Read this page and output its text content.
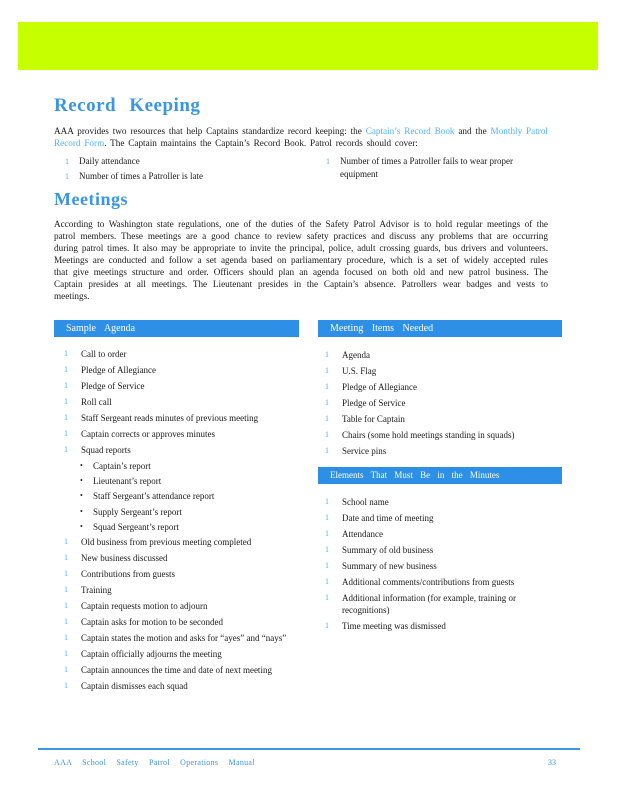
Record Keeping

AAA provides two resources that help Captains standardize record keeping: the Captain’s Record Book and the Monthly Patrol Record Form. The Captain maintains the Captain’s Record Book. Patrol records should cover:

1 Daily attendance
1 Number of times a Patroller is late
1 Number of times a Patroller fails to wear proper equipment
Meetings

According to Washington state regulations, one of the duties of the Safety Patrol Advisor is to hold regular meetings of the patrol members. These meetings are a good chance to review safety practices and discuss any problems that are occurring during patrol times. It also may be appropriate to invite the principal, police, adult crossing guards, bus drivers and volunteers. Meetings are conducted and follow a set agenda based on parliamentary procedure, which is a set of widely accepted rules that give meetings structure and order. Officers should plan an agenda focused on both old and new patrol business. The Captain presides at all meetings. The Lieutenant presides in the Captain’s absence. Patrollers wear badges and vests to meetings.

Sample Agenda	Meeting Items Needed
Elements That Must Be in the Minutes
1 Call to order
1 Pledge of Allegiance
1 Pledge of Service
1 Roll call
1 Staff Sergeant reads minutes of previous meeting
1 Captain corrects or approves minutes
1 Squad reports
• Captain’s report
• Lieutenant’s report
• Staff Sergeant’s attendance report
• Supply Sergeant’s report
• Squad Sergeant’s report
1 Old business from previous meeting completed
1 New business discussed
1 Contributions from guests
1 Training
1 Captain requests motion to adjourn
1 Captain asks for motion to be seconded
1 Captain states the motion and asks for “ayes” and “nays”
1 Captain officially adjourns the meeting
1 Captain announces the time and date of next meeting
1 Captain dismisses each squad
1 Agenda
1 U.S. Flag
1 Pledge of Allegiance
1 Pledge of Service
1 Table for Captain
1 Chairs (some hold meetings standing in squads)
1 Service pins
1 School name
1 Date and time of meeting
1 Attendance
1 Summary of old business
1 Summary of new business
1 Additional comments/contributions from guests
1 Additional information (for example, training or recognitions)
1 Time meeting was dismissed
AAA School Safety Patrol Operations Manual	33
